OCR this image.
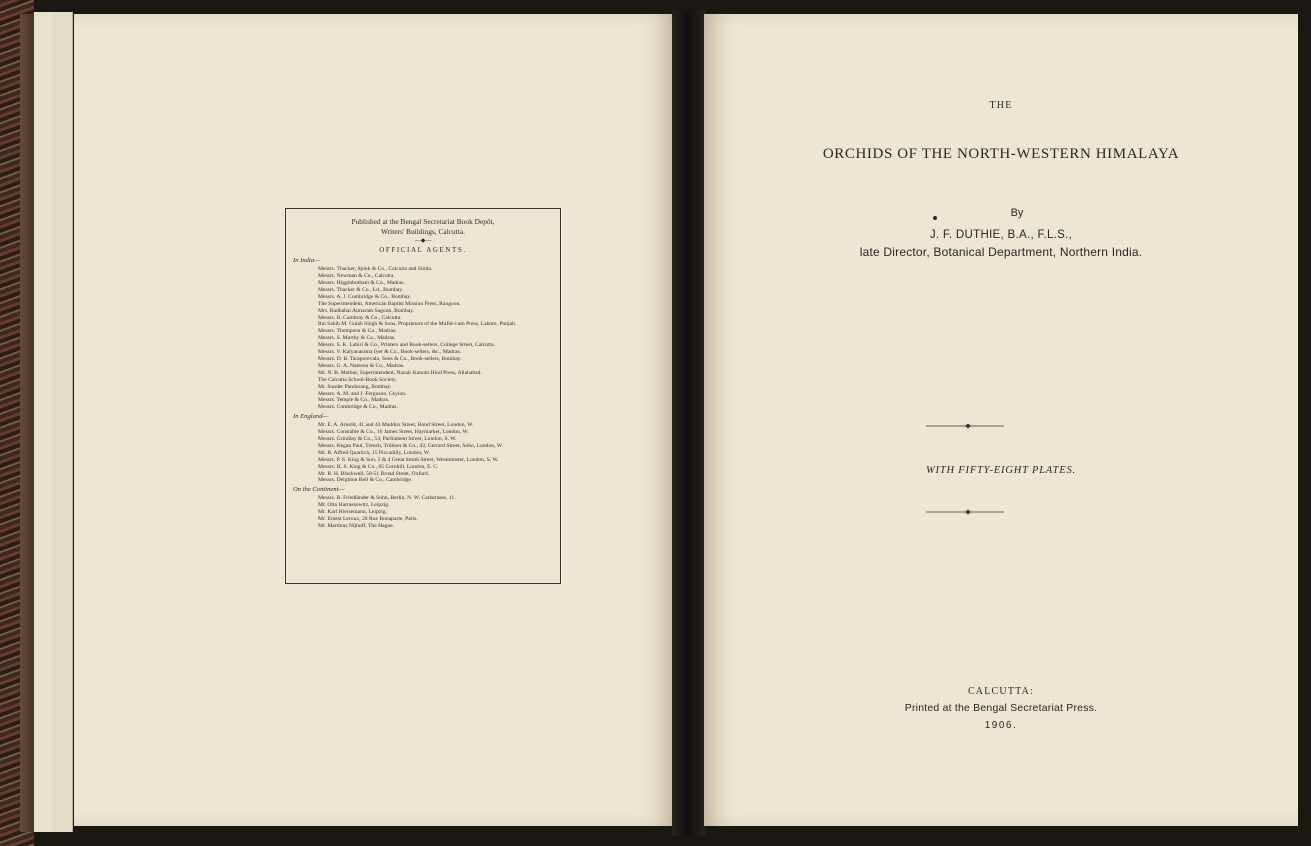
Published at the Bengal Secretariat Book Depôt,
Writers' Buildings, Calcutta.
—◆—
OFFICIAL AGENTS.
In India—
Messrs. Thacker, Spink & Co., Calcutta and Simla.
Messrs. Newman & Co., Calcutta.
Messrs. Higginbotham & Co., Madras.
Messrs. Thacker & Co., Ld., Bombay.
Messrs. A. J. Combridge & Co., Bombay.
The Superintendent, American Baptist Mission Press, Rangoon.
Mrs. Radhabai Atmaram Sagoon, Bombay.
Messrs. R. Cambray & Co., Calcutta.
Rai Sahib M. Gulab Singh & Sons, Proprietors of the Mufid-i-am Press, Lahore, Punjab.
Messrs. Thompson & Co., Madras.
Messrs. S. Murthy & Co., Madras.
Messrs. S. K. Lahiri & Co., Printers and Book-sellers, College Street, Calcutta.
Messrs. V. Kalyanarama Iyer & Co., Book-sellers, &c., Madras.
Messrs. D. B. Taraporevala, Sons & Co., Book-sellers, Bombay.
Messrs. G. A. Nateson & Co., Madras.
Mr. N. B. Mathur, Superintendent, Nazair Kanum Hind Press, Allahabad.
The Calcutta School-Book Society.
Mr. Sunder Pandurang, Bombay.
Messrs. A. M. and J. Ferguson, Ceylon.
Messrs. Temple & Co., Madras.
Messrs. Combridge & Co., Madras.
In England—
Mr. E. A. Arnold, 41 and 43 Maddox Street, Bond Street, London, W.
Messrs. Constable & Co., 16 James Street, Haymarket, London, W.
Messrs. Grindlay & Co., 54, Parliament Street, London, S. W.
Messrs. Kegan Paul, Trench, Trübner & Co., 43, Gerrard Street, Soho, London, W.
Mr. B. Alfred Quaritch, 15 Piccadilly, London, W.
Messrs. P. S. King & Son, 2 & 4 Great Smith Street, Westminster, London, S. W.
Messrs. H. S. King & Co., 65 Cornhill, London, E. C.
Mr. B. H. Blackwell, 50-51 Broad Street, Oxford.
Messrs. Deighton Bell & Co., Cambridge.
On the Continent—
Messrs. R. Friedländer & Sohn, Berlin, N. W. Carlstrasse, 11.
Mr. Otto Harrassowitz, Leipzig.
Mr. Karl Hiersemann, Leipzig.
Mr. Ernest Leroux, 28 Rue Bonaparte, Paris.
Mr. Martinus Nijhoff, The Hague.
THE
ORCHIDS OF THE NORTH-WESTERN HIMALAYA
By
J. F. DUTHIE, B.A., F.L.S.,
late Director, Botanical Department, Northern India.
WITH FIFTY-EIGHT PLATES.
CALCUTTA:
Printed at the Bengal Secretariat Press.
1906.
